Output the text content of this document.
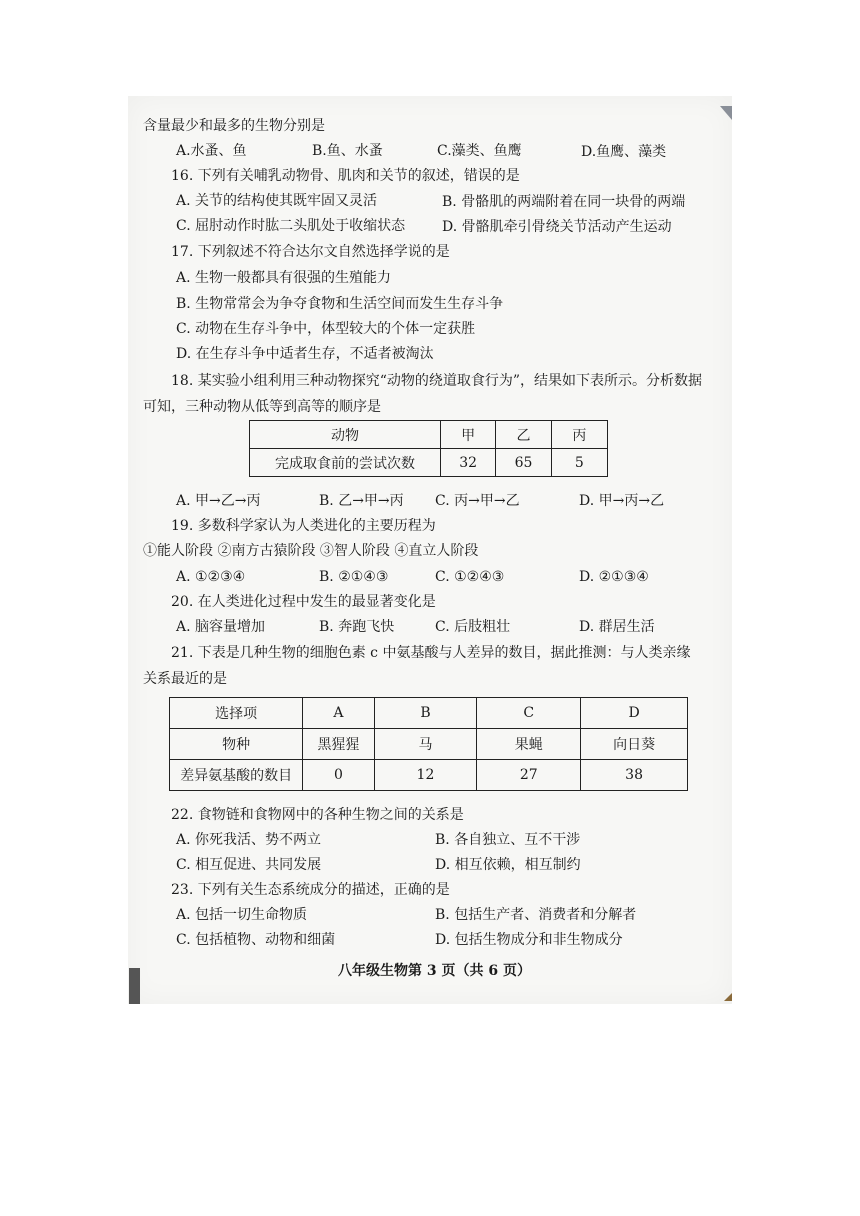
含量最少和最多的生物分别是
A.水蚤、鱼	B.鱼、水蚤	C.藻类、鱼鹰	D.鱼鹰、藻类
16. 下列有关哺乳动物骨、肌肉和关节的叙述，错误的是
A. 关节的结构使其既牢固又灵活	B. 骨骼肌的两端附着在同一块骨的两端
C. 屈肘动作时肱二头肌处于收缩状态	D. 骨骼肌牵引骨绕关节活动产生运动
17. 下列叙述不符合达尔文自然选择学说的是
A. 生物一般都具有很强的生殖能力
B. 生物常常会为争夺食物和生活空间而发生生存斗争
C. 动物在生存斗争中，体型较大的个体一定获胜
D. 在生存斗争中适者生存，不适者被淘汰
18. 某实验小组利用三种动物探究“动物的绕道取食行为”，结果如下表所示。分析数据
可知，三种动物从低等到高等的顺序是
动物	甲	乙	丙
完成取食前的尝试次数	32	65	5
A. 甲→乙→丙	B. 乙→甲→丙 C. 丙→甲→乙	D. 甲→丙→乙
19. 多数科学家认为人类进化的主要历程为
①能人阶段 ②南方古猿阶段 ③智人阶段 ④直立人阶段
A. ①②③④	B. ②①④③	C. ①②④③	D. ②①③④
20. 在人类进化过程中发生的最显著变化是
A. 脑容量增加	B. 奔跑飞快	C. 后肢粗壮	D. 群居生活
21. 下表是几种生物的细胞色素 c 中氨基酸与人差异的数目，据此推测：与人类亲缘
关系最近的是
选择项	A	B	C	D
物种	黑猩猩	马	果蝇	向日葵
差异氨基酸的数目	0	12	27	38
22. 食物链和食物网中的各种生物之间的关系是
A. 你死我活、势不两立	B. 各自独立、互不干涉
C. 相互促进、共同发展	D. 相互依赖，相互制约
23. 下列有关生态系统成分的描述，正确的是
A. 包括一切生命物质	B. 包括生产者、消费者和分解者
C. 包括植物、动物和细菌	D. 包括生物成分和非生物成分
八年级生物第 3 页（共 6 页）
